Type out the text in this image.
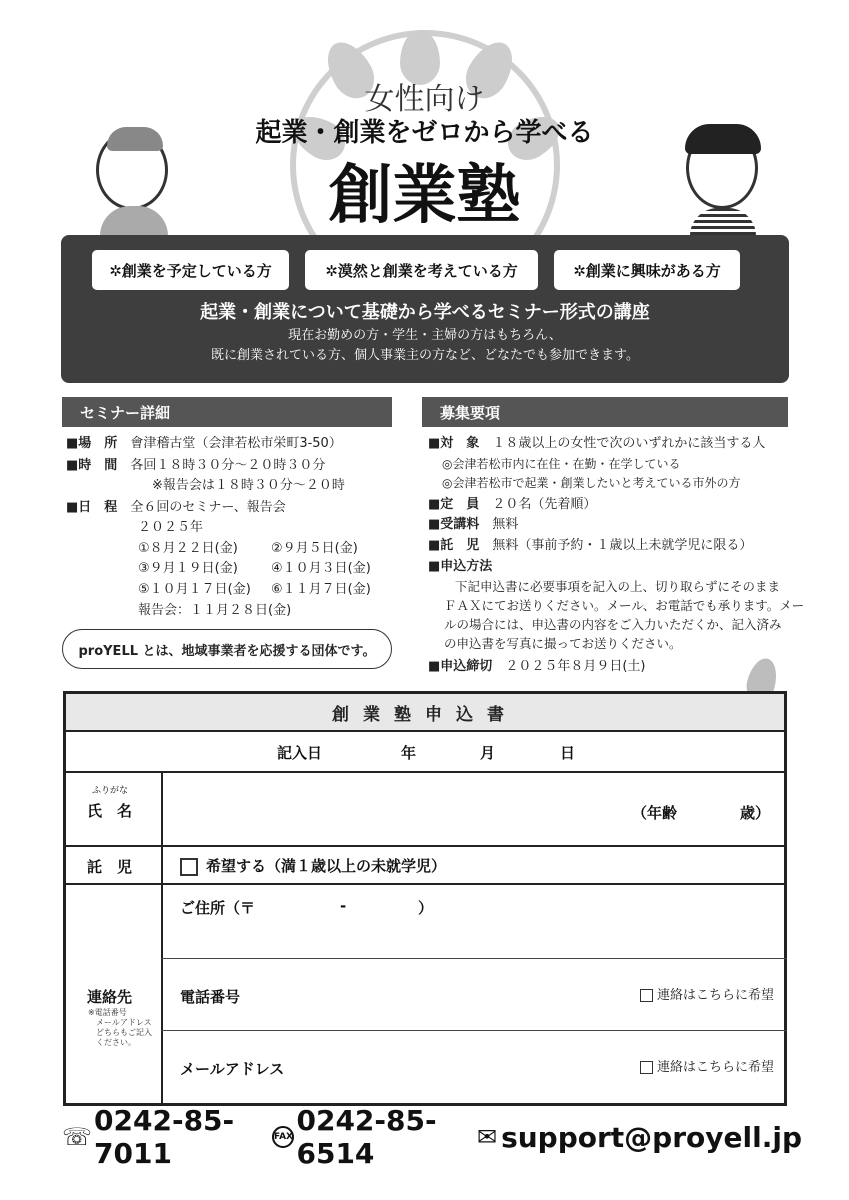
女性向け
起業・創業をゼロから学べる
創業塾
✲創業を予定している方	✲漠然と創業を考えている方	✲創業に興味がある方
起業・創業について基礎から学べるセミナー形式の講座
現在お勤めの方・学生・主婦の方はもちろん、
既に創業されている方、個人事業主の方など、どなたでも参加できます。
セミナー詳細
■場　所　 會津稽古堂（会津若松市栄町3-50）
■時　間　 各回１８時３０分～２０時３０分
※報告会は１８時３０分～２０時
■日　程　 全６回のセミナー、報告会
２０２５年
①８月２２日(金)	②９月５日(金)
③９月１９日(金)	④１０月３日(金)
⑤１０月１７日(金) ⑥１１月７日(金)
報告会：１１月２８日(金)
proYELL とは、地域事業者を応援する団体です。
募集要項
■対　象　 １８歳以上の女性で次のいずれかに該当する人
◎会津若松市内に在住・在勤・在学している
◎会津若松市で起業・創業したいと考えている市外の方
■定　員　 ２０名（先着順）
■受講料　 無料
■託　児　 無料（事前予約・１歳以上未就学児に限る）
■申込方法
下記申込書に必要事項を記入の上、切り取らずにそのまま
ＦＡＸにてお送りください。メール、お電話でも承ります。メー
ルの場合には、申込書の内容をご入力いただくか、記入済み
の申込書を写真に撮ってお送りください。
■申込締切　 ２０２５年８月９日(土)
創業塾申込書
記入日	年	月	日
ふりがな
氏　名	（年齢	歳）
託　児	希望する（満１歳以上の未就学児）
連絡先
※電話番号
メールアドレス
どちらもご記入
ください。
ご住所（〒	-	）
電話番号	連絡はこちらに希望
メールアドレス	連絡はこちらに希望
☏ 0242-85-7011	FAX 0242-85-6514	✉ support@proyell.jp
